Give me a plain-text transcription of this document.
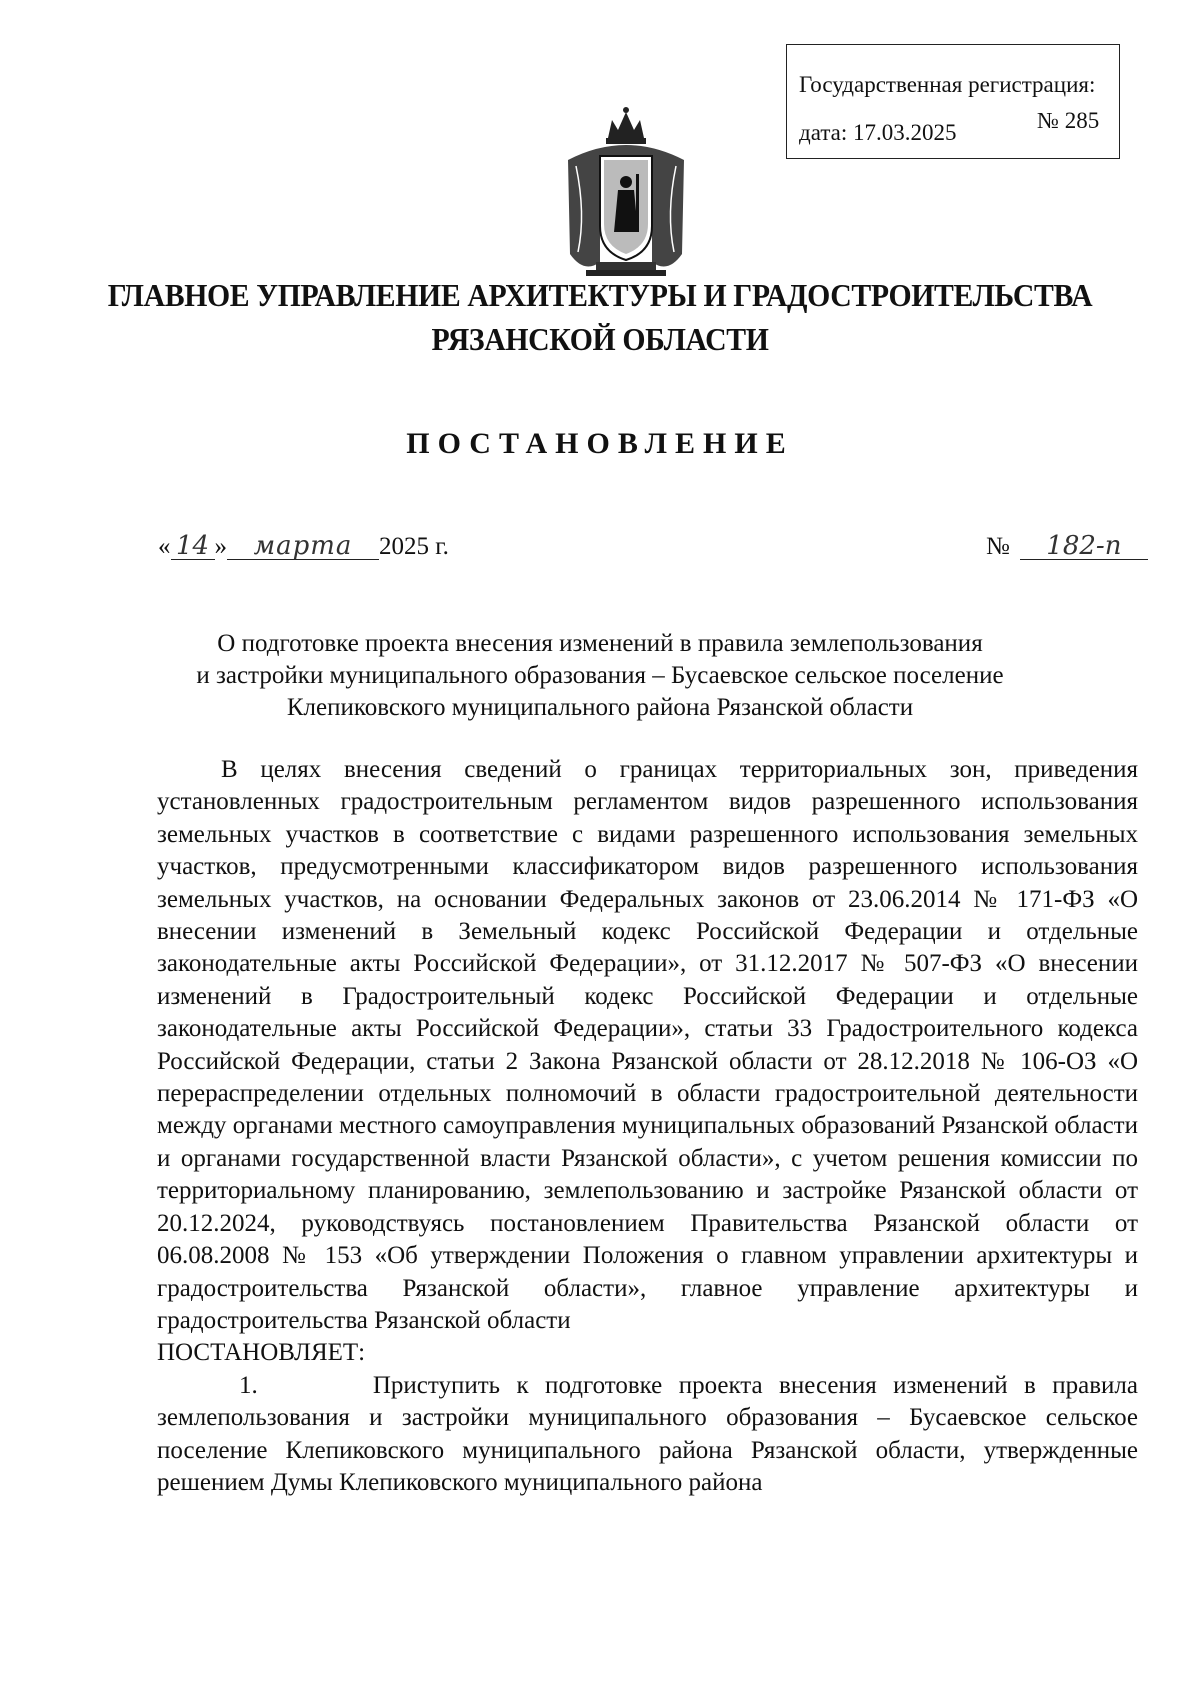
Государственная регистрация:
дата: 17.03.2025	№ 285
ГЛАВНОЕ УПРАВЛЕНИЕ АРХИТЕКТУРЫ И ГРАДОСТРОИТЕЛЬСТВА
РЯЗАНСКОЙ ОБЛАСТИ
ПОСТАНОВЛЕНИЕ
« 14 » марта 2025 г.	№ 182-п
О подготовке проекта внесения изменений в правила землепользования
и застройки муниципального образования – Бусаевское сельское поселение
Клепиковского муниципального района Рязанской области

В целях внесения сведений о границах территориальных зон, приведения установленных градостроительным регламентом видов разрешенного использования земельных участков в соответствие с видами разрешенного использования земельных участков, предусмотренными классификатором видов разрешенного использования земельных участков, на основании Федеральных законов от 23.06.2014 № 171-ФЗ «О внесении изменений в Земельный кодекс Российской Федерации и отдельные законодательные акты Российской Федерации», от 31.12.2017 № 507-ФЗ «О внесении изменений в Градостроительный кодекс Российской Федерации и отдельные законодательные акты Российской Федерации», статьи 33 Градостроительного кодекса Российской Федерации, статьи 2 Закона Рязанской области от 28.12.2018 № 106-ОЗ «О перераспределении отдельных полномочий в области градостроительной деятельности между органами местного самоуправления муниципальных образований Рязанской области и органами государственной власти Рязанской области», с учетом решения комиссии по территориальному планированию, землепользованию и застройке Рязанской области от 20.12.2024, руководствуясь постановлением Правительства Рязанской области от 06.08.2008 № 153 «Об утверждении Положения о главном управлении архитектуры и градостроительства Рязанской области», главное управление архитектуры и градостроительства Рязанской области

ПОСТАНОВЛЯЕТ:

1.	Приступить к подготовке проекта внесения изменений в правила землепользования и застройки муниципального образования – Бусаевское сельское поселение Клепиковского муниципального района Рязанской области, утвержденные решением Думы Клепиковского муниципального района
